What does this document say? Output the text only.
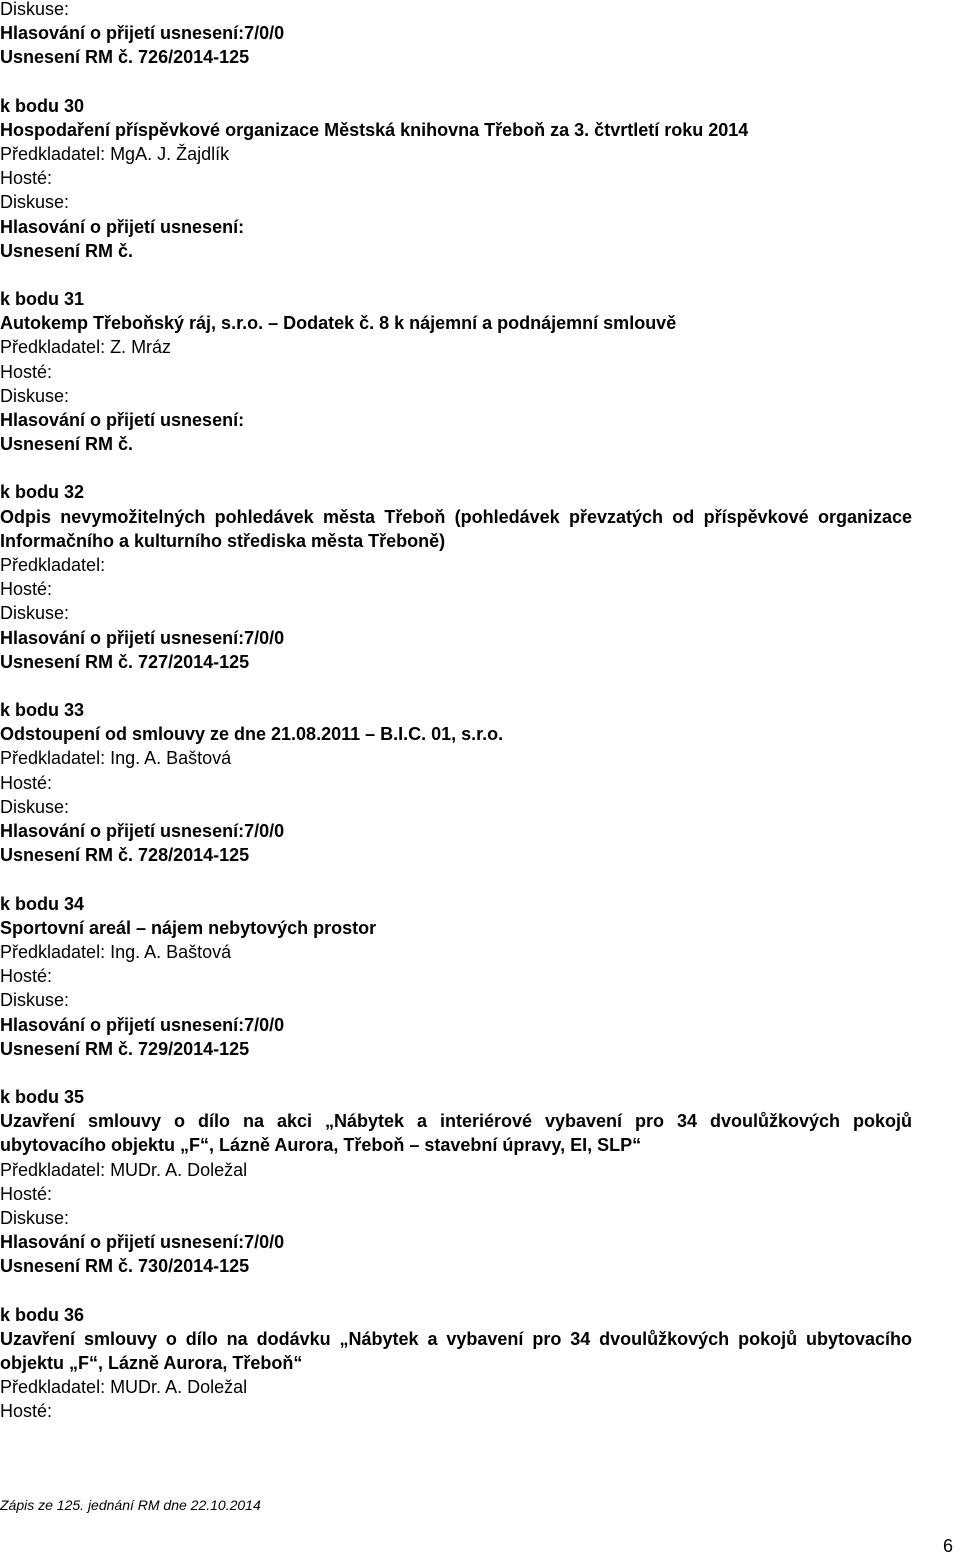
Diskuse:
Hlasování o přijetí usnesení:7/0/0
Usnesení RM č. 726/2014-125
k bodu 30
Hospodaření příspěvkové organizace Městská knihovna Třeboň za 3. čtvrtletí roku 2014
Předkladatel: MgA. J. Žajdlík
Hosté:
Diskuse:
Hlasování o přijetí usnesení:
Usnesení RM č.
k bodu 31
Autokemp Třeboňský ráj, s.r.o. – Dodatek č. 8 k nájemní a podnájemní smlouvě
Předkladatel: Z. Mráz
Hosté:
Diskuse:
Hlasování o přijetí usnesení:
Usnesení RM č.
k bodu 32
Odpis nevymožitelných pohledávek města Třeboň (pohledávek převzatých od příspěvkové organizace Informačního a kulturního střediska města Třeboně)
Předkladatel:
Hosté:
Diskuse:
Hlasování o přijetí usnesení:7/0/0
Usnesení RM č. 727/2014-125
k bodu 33
Odstoupení od smlouvy ze dne 21.08.2011 – B.I.C. 01, s.r.o.
Předkladatel: Ing. A. Baštová
Hosté:
Diskuse:
Hlasování o přijetí usnesení:7/0/0
Usnesení RM č. 728/2014-125
k bodu 34
Sportovní areál – nájem nebytových prostor
Předkladatel: Ing. A. Baštová
Hosté:
Diskuse:
Hlasování o přijetí usnesení:7/0/0
Usnesení RM č. 729/2014-125
k bodu 35
Uzavření smlouvy o dílo na akci „Nábytek a interiérové vybavení pro 34 dvoulůžkových pokojů ubytovacího objektu „F“, Lázně Aurora, Třeboň – stavební úpravy, EI, SLP“
Předkladatel: MUDr. A. Doležal
Hosté:
Diskuse:
Hlasování o přijetí usnesení:7/0/0
Usnesení RM č. 730/2014-125
k bodu 36
Uzavření smlouvy o dílo na dodávku „Nábytek a vybavení pro 34 dvoulůžkových pokojů ubytovacího objektu „F“, Lázně Aurora, Třeboň“
Předkladatel: MUDr. A. Doležal
Hosté:
Zápis ze 125. jednání RM dne 22.10.2014
6
